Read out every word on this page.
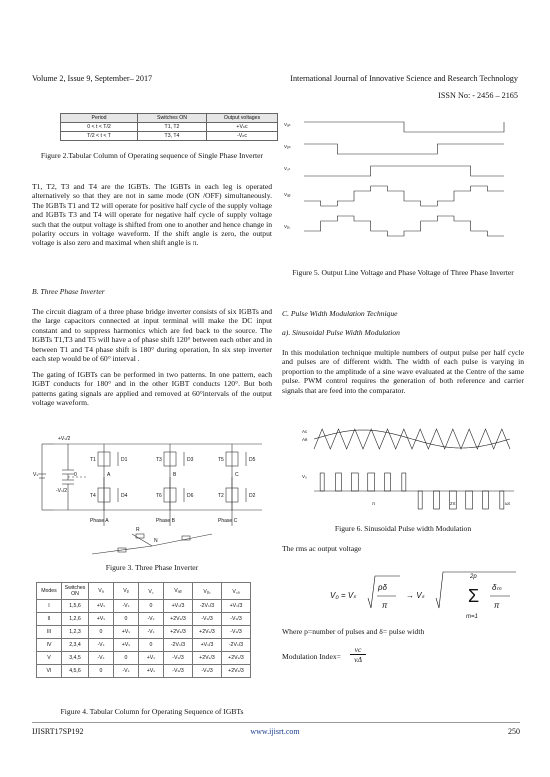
Volume 2, Issue 9, September– 2017	International Journal of Innovative Science and Research Technology
ISSN No: - 2456 – 2165
Period	Switches ON	Output voltages
0 < t < T/2	T1, T2	+Vₙc
T/2 < t < T	T3, T4	-Vₙc
Figure 2.Tabular Column of Operating sequence of Single Phase Inverter
T1, T2, T3 and T4 are the IGBTs. The IGBTs in each leg is operated alternatively so that they are not in same mode (ON /OFF) simultaneously. The IGBTs T1 and T2 will operate for positive half cycle of the supply voltage and IGBTs T3 and T4 will operate for negative half cycle of supply voltage such that the output voltage is shifted from one to another and hence change in polarity occurs in voltage waveform. If the shift angle is zero, the output voltage is also zero and maximal when shift angle is π.
B. Three Phase Inverter
The circuit diagram of a three phase bridge inverter consists of six IGBTs and the large capacitors connected at input terminal will make the DC input constant and to suppress harmonics which are fed back to the source. The IGBTs T1,T3 and T5 will have a of phase shift 120° between each other and in between T1 and T4 phase shift is 180° during operation, In six step inverter each step would be of 60° interval .
The gating of IGBTs can be performed in two patterns. In one pattern, each IGBT conducts for 180° and in the other IGBT conducts 120°. But both patterns gating signals are applied and removed at 60°intervals of the output voltage waveform.
Vₛ
+Vₛ/2
-Vₛ/2
0
T1	T3	T5
T4	T6	T2
D1	D3	D5
D4	D6	D2
A	B	C
Phase A	Phase B	Phase C
R
N
Figure 3. Three Phase Inverter
Modes	Switches ON	Vₐ	Vᵦ	V꜀	Vₐᵦ	Vᵦ꜀	V꜀ₐ
I	1,5,6	+Vₛ	-Vₛ	0	+Vₛ/3	-2Vₛ/3	+Vₛ/3
II	1,2,6	+Vₛ	0	-Vₛ	+2Vₛ/3	-Vₛ/3	-Vₛ/3
III	1,2,3	0	+Vₛ	-Vₛ	+2Vₛ/3	+2Vₛ/3	-Vₛ/3
IV	2,3,4	-Vₛ	+Vₛ	0	-2Vₛ/3	+Vₛ/3	-2Vₛ/3
V	3,4,5	-Vₛ	0	+Vₛ	-Vₛ/3	+2Vₛ/3	+2Vₛ/3
VI	4,5,6	0	-Vₛ	+Vₛ	-Vₛ/3	-Vₛ/3	+2Vₛ/3
Figure 4. Tabular Column for Operating Sequence of IGBTs
Vₐₙ
Vᵦₙ
V꜀ₙ
Vₐᵦ
Vᵦ꜀
Figure 5. Output Line Voltage and Phase Voltage of Three Phase Inverter
C. Pulse Width Modulation Technique
a). Sinusoidal Pulse Width Modulation
In this modulation technique multiple numbers of output pulse per half cycle and pulses are of different width. The width of each pulse is varying in proportion to the amplitude of a sine wave evaluated at the Centre of the same pulse. PWM control requires the generation of both reference and carrier signals that are feed into the comparator.
Aᴄ
Aʀ
V₀
π	2π	ωt
Figure 6. Sinusoidal Pulse width Modulation
The rms ac output voltage
V₀ = Vₛ
pδ
π
→ Vₛ
2p
m=1
δₘ
π
Σ
Where p=number of pulses and δ= pulse width
Modulation Index= $\frac{vc}{v\Delta}$
IJISRT17SP192	www.ijisrt.com	250
